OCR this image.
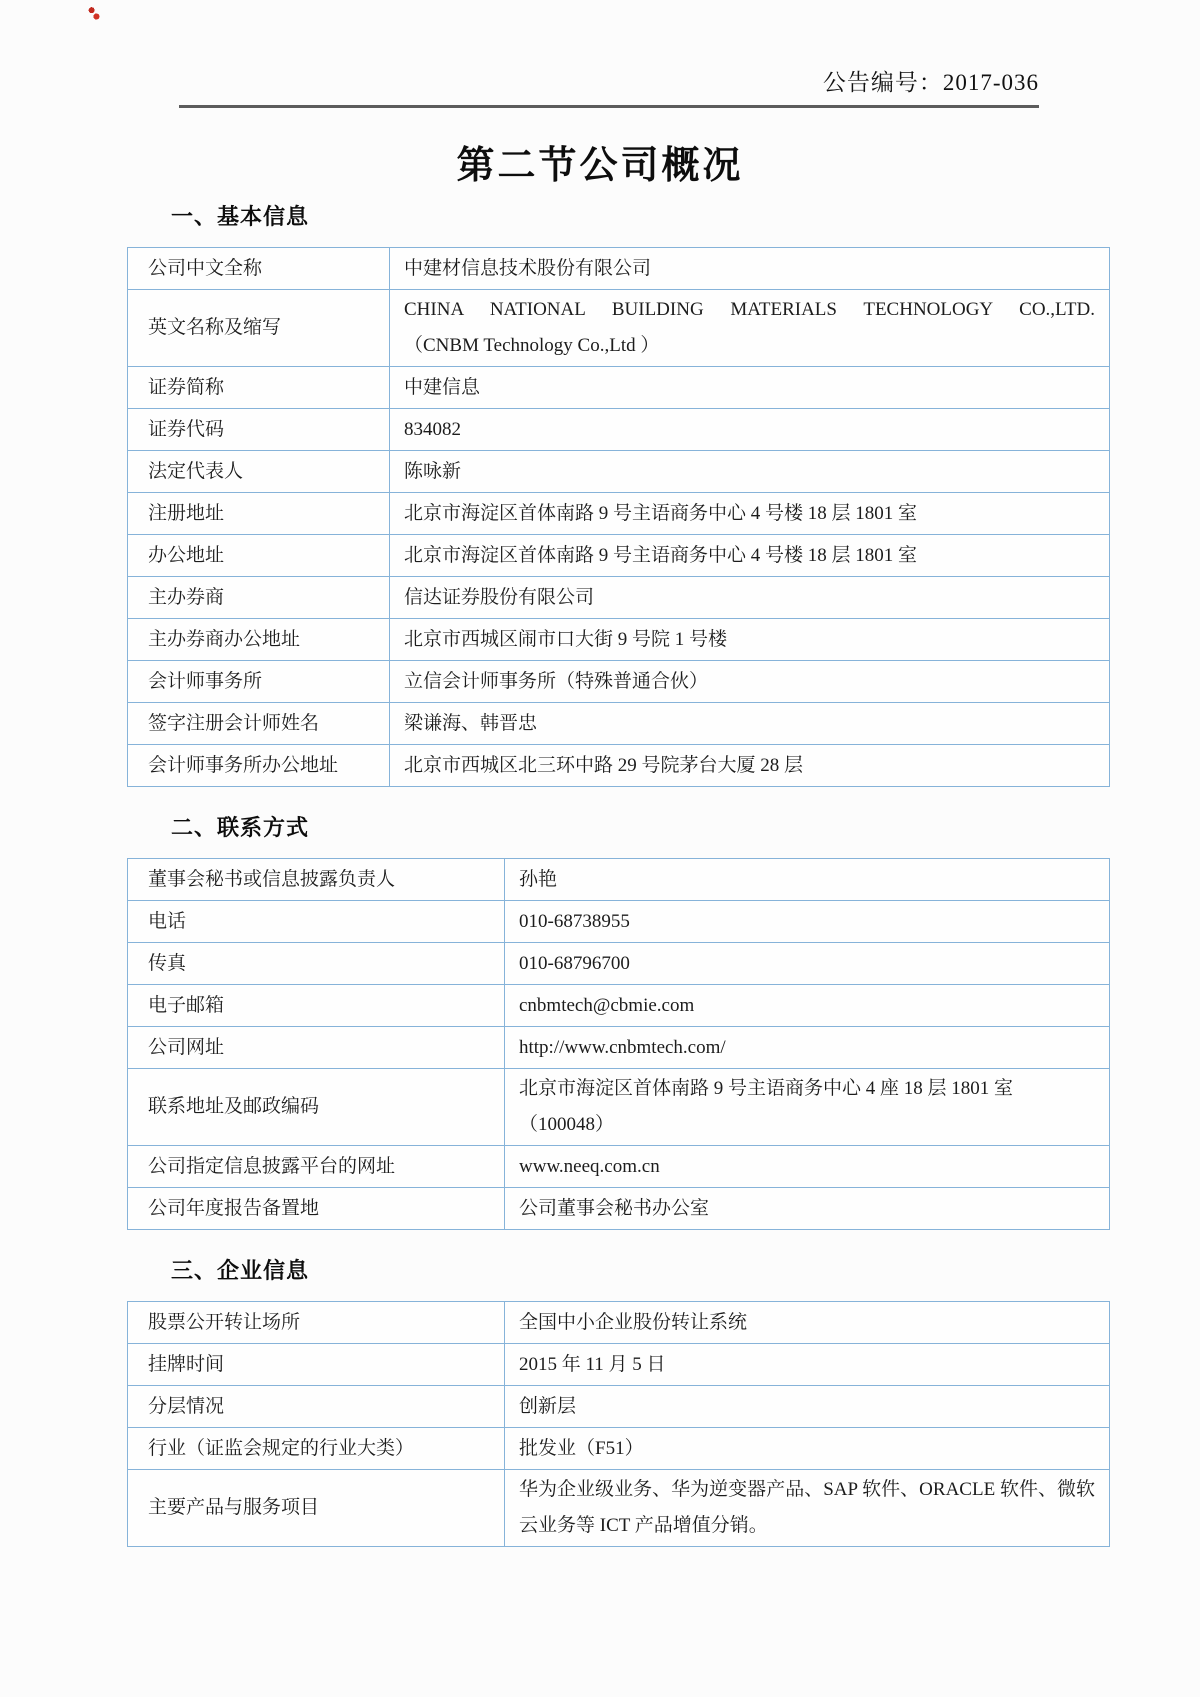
公告编号：2017-036
第二节公司概况
一、基本信息
公司中文全称	中建材信息技术股份有限公司

英文名称及缩写	CHINA NATIONAL BUILDING MATERIALS TECHNOLOGY CO.,LTD.
（CNBM Technology Co.,Ltd ）

证券简称	中建信息

证券代码	834082

法定代表人	陈咏新

注册地址	北京市海淀区首体南路 9 号主语商务中心 4 号楼 18 层 1801 室

办公地址	北京市海淀区首体南路 9 号主语商务中心 4 号楼 18 层 1801 室

主办券商	信达证券股份有限公司

主办券商办公地址	北京市西城区闹市口大街 9 号院 1 号楼

会计师事务所	立信会计师事务所（特殊普通合伙）

签字注册会计师姓名	梁谦海、韩晋忠

会计师事务所办公地址	北京市西城区北三环中路 29 号院茅台大厦 28 层
二、联系方式
董事会秘书或信息披露负责人	孙艳

电话	010-68738955

传真	010-68796700

电子邮箱	cnbmtech@cbmie.com

公司网址	http://www.cnbmtech.com/

联系地址及邮政编码	北京市海淀区首体南路 9 号主语商务中心 4 座 18 层 1801 室
（100048）

公司指定信息披露平台的网址	www.neeq.com.cn

公司年度报告备置地	公司董事会秘书办公室
三、企业信息
股票公开转让场所	全国中小企业股份转让系统

挂牌时间	2015 年 11 月 5 日

分层情况	创新层

行业（证监会规定的行业大类）	批发业（F51）

主要产品与服务项目	华为企业级业务、华为逆变器产品、SAP 软件、ORACLE 软件、微软云业务等 ICT 产品增值分销。
